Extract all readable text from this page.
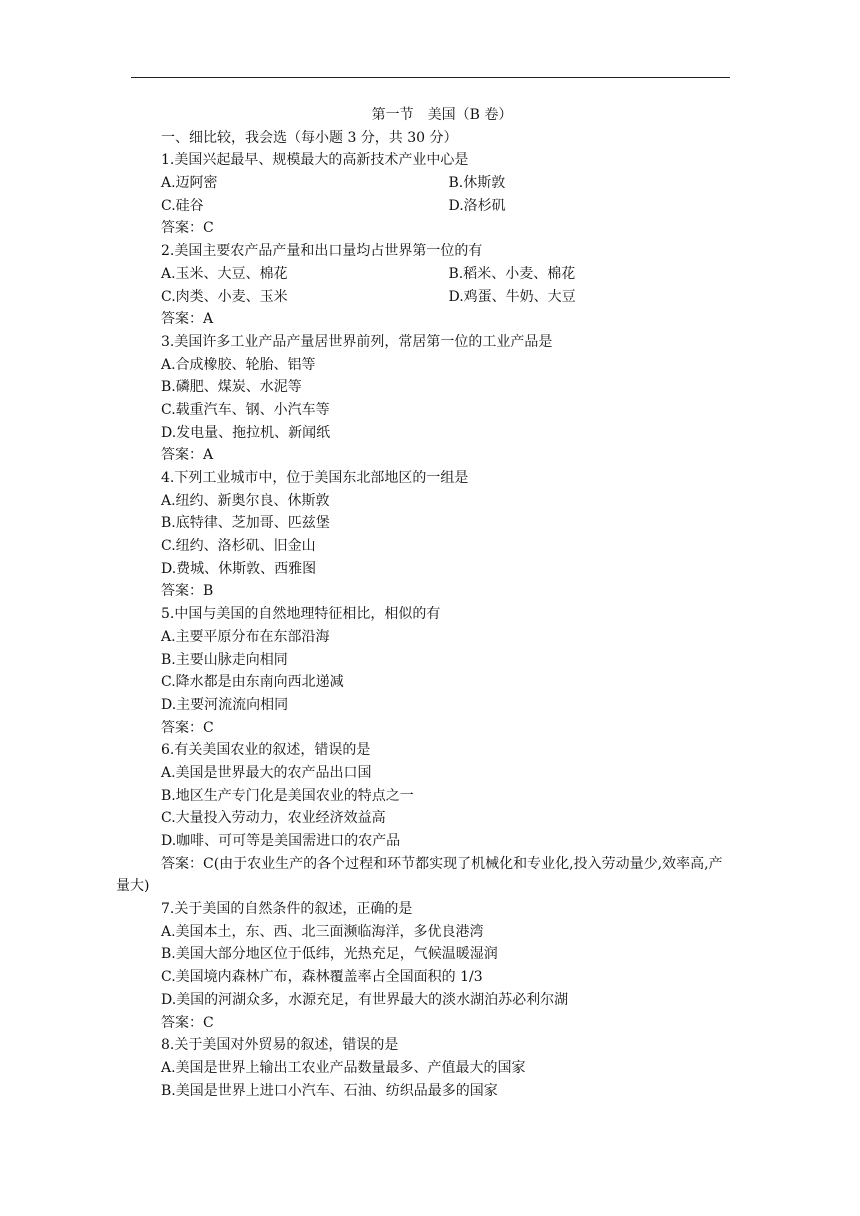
第一节　美国（B 卷）
一、细比较，我会选（每小题 3 分，共 30 分）
1.美国兴起最早、规模最大的高新技术产业中心是
A.迈阿密	B.休斯敦
C.硅谷	D.洛杉矶
答案：C
2.美国主要农产品产量和出口量均占世界第一位的有
A.玉米、大豆、棉花	B.稻米、小麦、棉花
C.肉类、小麦、玉米	D.鸡蛋、牛奶、大豆
答案：A
3.美国许多工业产品产量居世界前列，常居第一位的工业产品是
A.合成橡胶、轮胎、铝等
B.磷肥、煤炭、水泥等
C.载重汽车、钢、小汽车等
D.发电量、拖拉机、新闻纸
答案：A
4.下列工业城市中，位于美国东北部地区的一组是
A.纽约、新奥尔良、休斯敦
B.底特律、芝加哥、匹兹堡
C.纽约、洛杉矶、旧金山
D.费城、休斯敦、西雅图
答案：B
5.中国与美国的自然地理特征相比，相似的有
A.主要平原分布在东部沿海
B.主要山脉走向相同
C.降水都是由东南向西北递减
D.主要河流流向相同
答案：C
6.有关美国农业的叙述，错误的是
A.美国是世界最大的农产品出口国
B.地区生产专门化是美国农业的特点之一
C.大量投入劳动力，农业经济效益高
D.咖啡、可可等是美国需进口的农产品
答案：C(由于农业生产的各个过程和环节都实现了机械化和专业化,投入劳动量少,效率高,产量大)
7.关于美国的自然条件的叙述，正确的是
A.美国本土，东、西、北三面濒临海洋，多优良港湾
B.美国大部分地区位于低纬，光热充足，气候温暖湿润
C.美国境内森林广布，森林覆盖率占全国面积的 1/3
D.美国的河湖众多，水源充足，有世界最大的淡水湖泊苏必利尔湖
答案：C
8.关于美国对外贸易的叙述，错误的是
A.美国是世界上输出工农业产品数量最多、产值最大的国家
B.美国是世界上进口小汽车、石油、纺织品最多的国家
